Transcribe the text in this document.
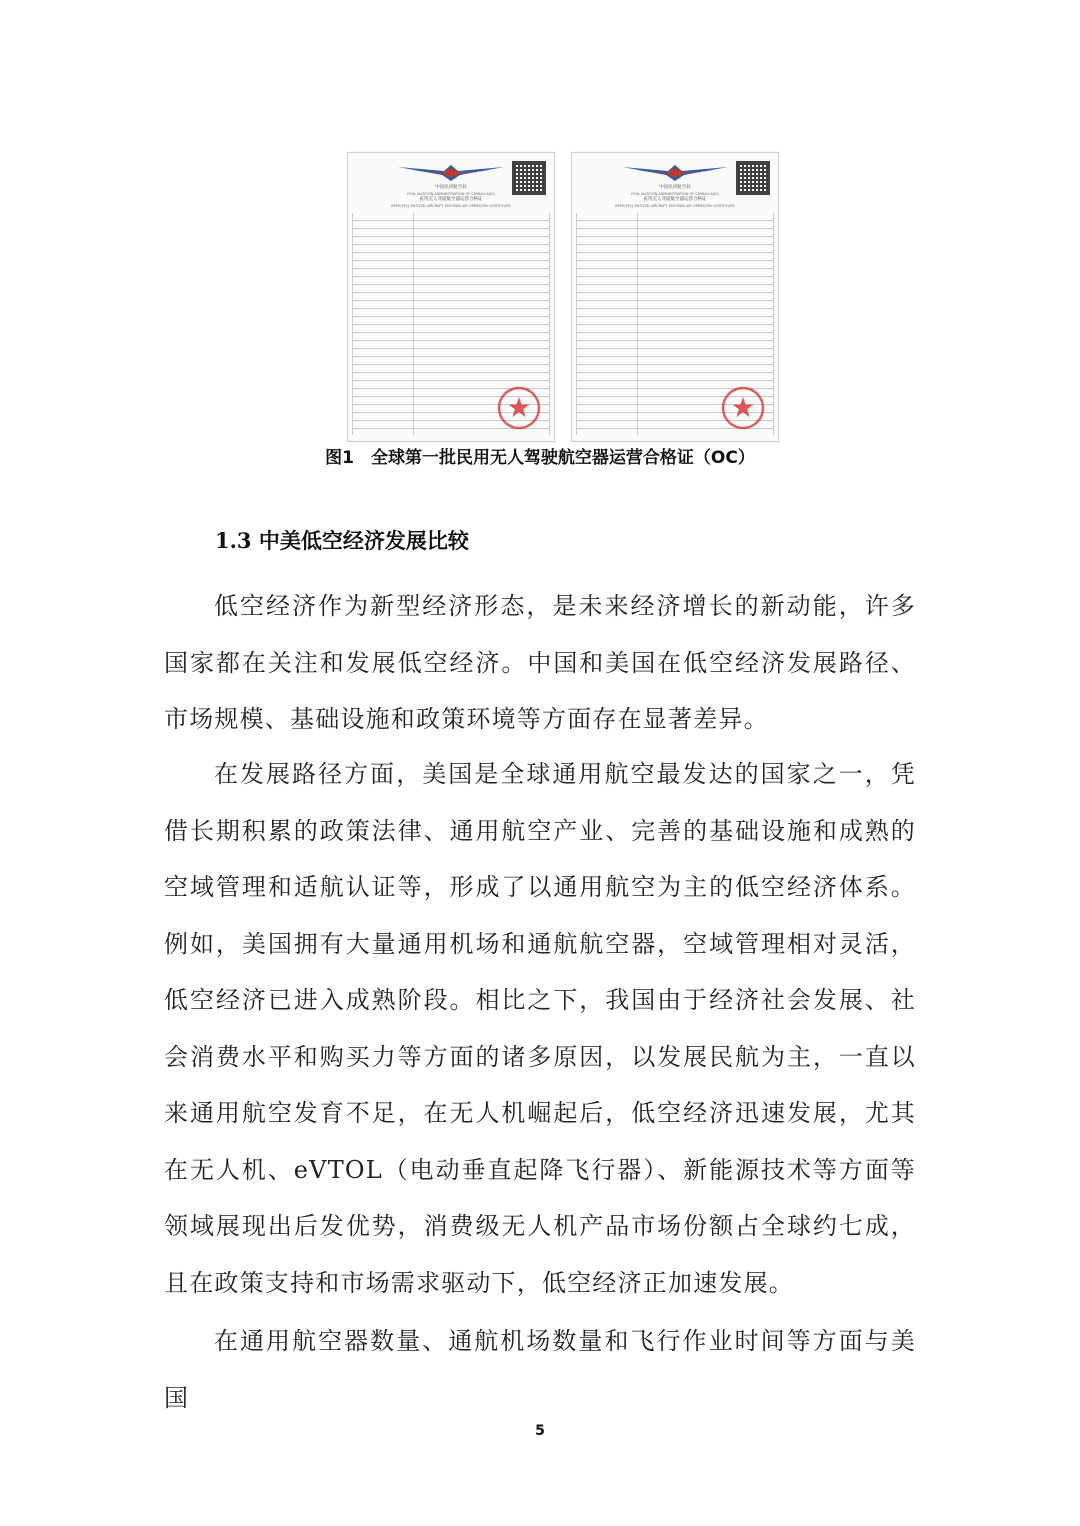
中国民用航空局
CIVIL AVIATION ADMINISTRATION OF CHINA(CAAC)
民用无人驾驶航空器运营合格证
REMOTELY PILOTED AIRCRAFT SYSTEMS AIR OPERATOR CERTIFICATE
中国民用航空局
CIVIL AVIATION ADMINISTRATION OF CHINA(CAAC)
民用无人驾驶航空器运营合格证
REMOTELY PILOTED AIRCRAFT SYSTEMS AIR OPERATOR CERTIFICATE
图1　全球第一批民用无人驾驶航空器运营合格证（OC）
1.3 中美低空经济发展比较

低空经济作为新型经济形态，是未来经济增长的新动能，许多国家都在关注和发展低空经济。中国和美国在低空经济发展路径、市场规模、基础设施和政策环境等方面存在显著差异。

在发展路径方面，美国是全球通用航空最发达的国家之一，凭借长期积累的政策法律、通用航空产业、完善的基础设施和成熟的空域管理和适航认证等，形成了以通用航空为主的低空经济体系。例如，美国拥有大量通用机场和通航航空器，空域管理相对灵活，低空经济已进入成熟阶段。相比之下，我国由于经济社会发展、社会消费水平和购买力等方面的诸多原因，以发展民航为主，一直以来通用航空发育不足，在无人机崛起后，低空经济迅速发展，尤其在无人机、eVTOL（电动垂直起降飞行器）、新能源技术等方面等领域展现出后发优势，消费级无人机产品市场份额占全球约七成，且在政策支持和市场需求驱动下，低空经济正加速发展。

在通用航空器数量、通航机场数量和飞行作业时间等方面与美国

5
